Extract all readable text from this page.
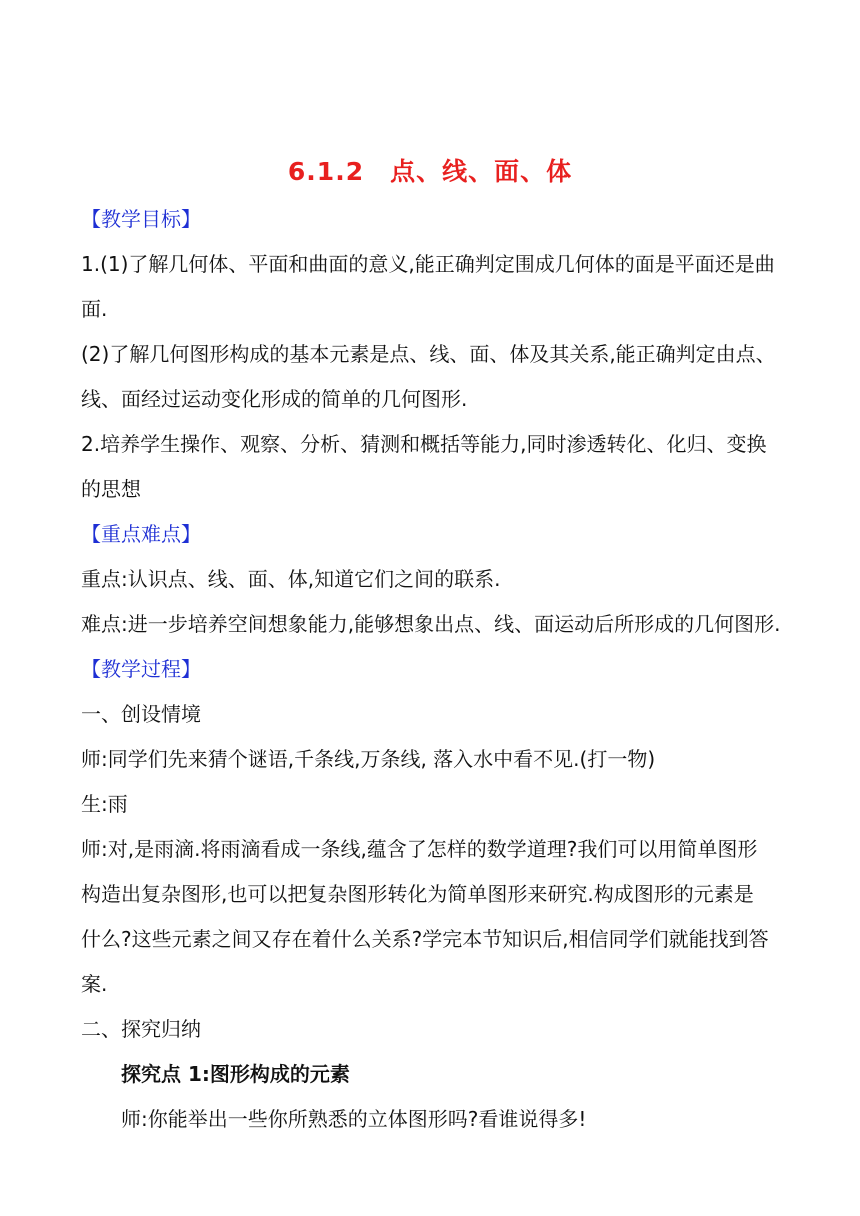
6.1.2　点、线、面、体

【教学目标】

1.(1)了解几何体、平面和曲面的意义,能正确判定围成几何体的面是平面还是曲

面.

(2)了解几何图形构成的基本元素是点、线、面、体及其关系,能正确判定由点、

线、面经过运动变化形成的简单的几何图形.

2.培养学生操作、观察、分析、猜测和概括等能力,同时渗透转化、化归、变换

的思想

【重点难点】

重点:认识点、线、面、体,知道它们之间的联系.

难点:进一步培养空间想象能力,能够想象出点、线、面运动后所形成的几何图形.

【教学过程】

一、创设情境

师:同学们先来猜个谜语,千条线,万条线, 落入水中看不见.(打一物)

生:雨

师:对,是雨滴.将雨滴看成一条线,蕴含了怎样的数学道理?我们可以用简单图形

构造出复杂图形,也可以把复杂图形转化为简单图形来研究.构成图形的元素是

什么?这些元素之间又存在着什么关系?学完本节知识后,相信同学们就能找到答

案.

二、探究归纳

探究点 1:图形构成的元素

师:你能举出一些你所熟悉的立体图形吗?看谁说得多!
